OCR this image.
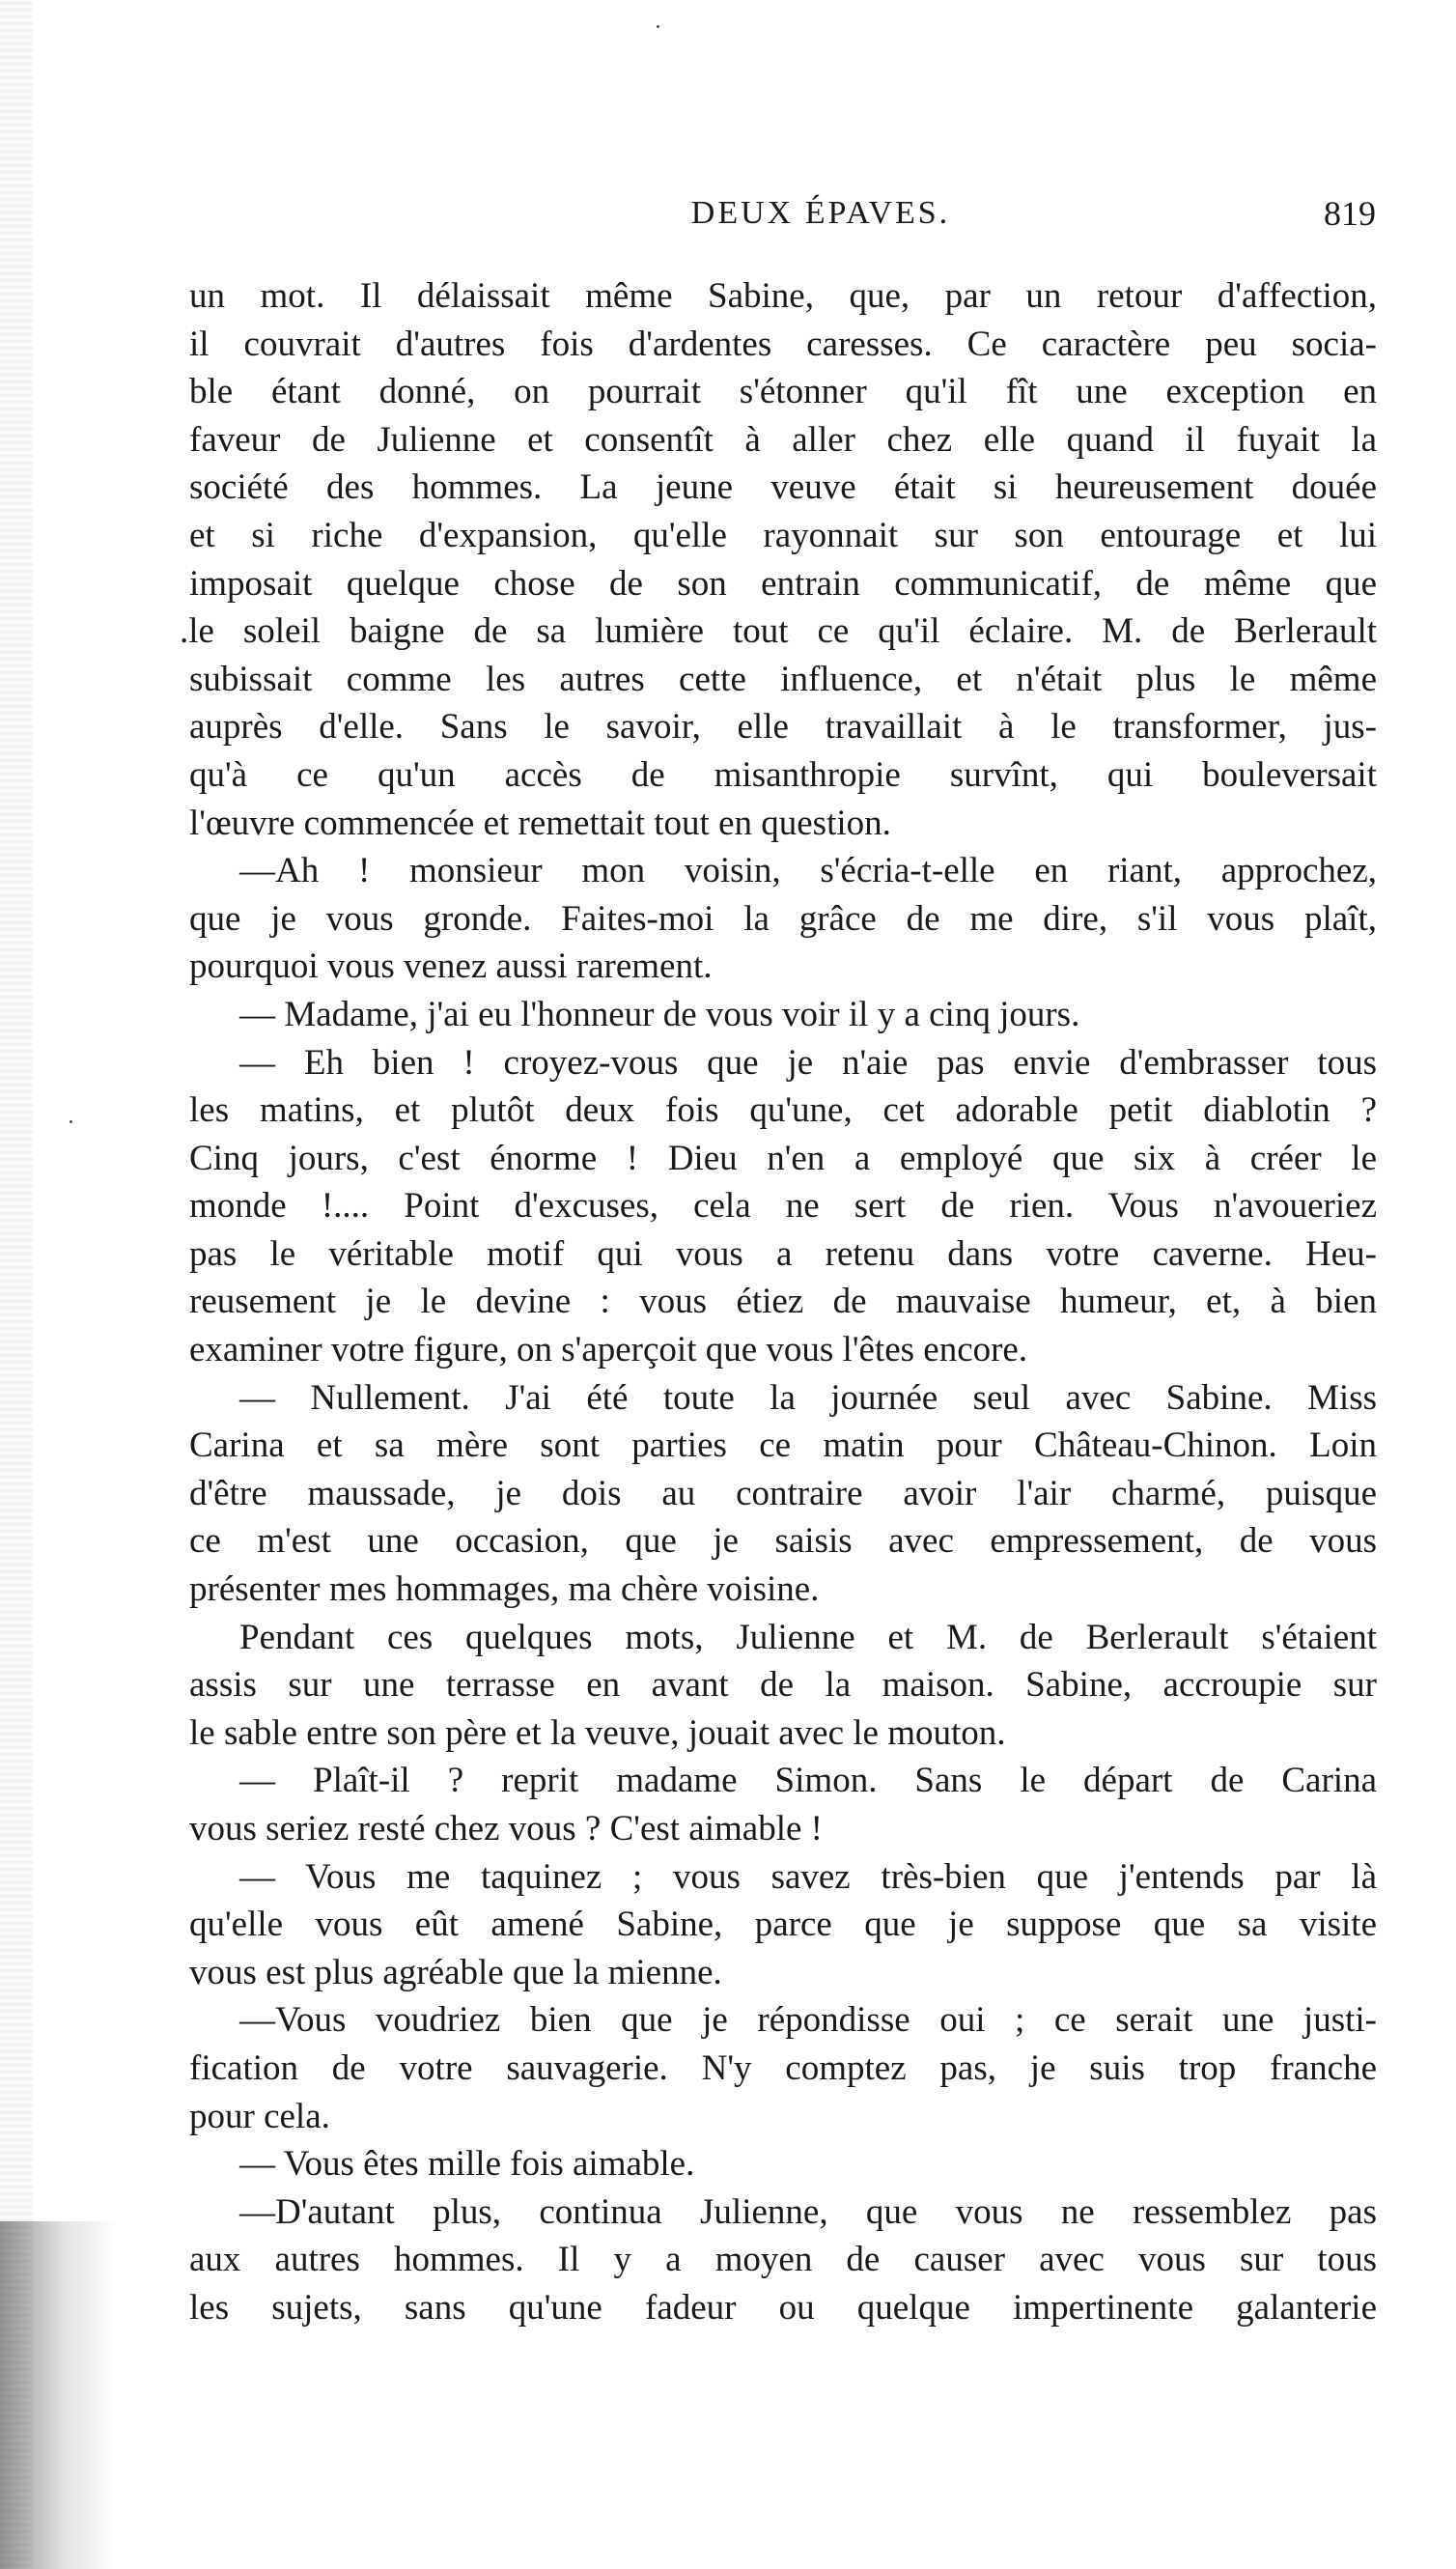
DEUX ÉPAVES.	819
un mot. Il délaissait même Sabine, que, par un retour d'affection,
il couvrait d'autres fois d'ardentes caresses. Ce caractère peu socia-
ble étant donné, on pourrait s'étonner qu'il fît une exception en
faveur de Julienne et consentît à aller chez elle quand il fuyait la
société des hommes. La jeune veuve était si heureusement douée
et si riche d'expansion, qu'elle rayonnait sur son entourage et lui
imposait quelque chose de son entrain communicatif, de même que
.le soleil baigne de sa lumière tout ce qu'il éclaire. M. de Berlerault
subissait comme les autres cette influence, et n'était plus le même
auprès d'elle. Sans le savoir, elle travaillait à le transformer, jus-
qu'à ce qu'un accès de misanthropie survînt, qui bouleversait
l'œuvre commencée et remettait tout en question.
—Ah ! monsieur mon voisin, s'écria-t-elle en riant, approchez,
que je vous gronde. Faites-moi la grâce de me dire, s'il vous plaît,
pourquoi vous venez aussi rarement.
— Madame, j'ai eu l'honneur de vous voir il y a cinq jours.
— Eh bien ! croyez-vous que je n'aie pas envie d'embrasser tous
les matins, et plutôt deux fois qu'une, cet adorable petit diablotin ?
Cinq jours, c'est énorme ! Dieu n'en a employé que six à créer le
monde !.... Point d'excuses, cela ne sert de rien. Vous n'avoueriez
pas le véritable motif qui vous a retenu dans votre caverne. Heu-
reusement je le devine : vous étiez de mauvaise humeur, et, à bien
examiner votre figure, on s'aperçoit que vous l'êtes encore.
— Nullement. J'ai été toute la journée seul avec Sabine. Miss
Carina et sa mère sont parties ce matin pour Château-Chinon. Loin
d'être maussade, je dois au contraire avoir l'air charmé, puisque
ce m'est une occasion, que je saisis avec empressement, de vous
présenter mes hommages, ma chère voisine.
Pendant ces quelques mots, Julienne et M. de Berlerault s'étaient
assis sur une terrasse en avant de la maison. Sabine, accroupie sur
le sable entre son père et la veuve, jouait avec le mouton.
— Plaît-il ? reprit madame Simon. Sans le départ de Carina
vous seriez resté chez vous ? C'est aimable !
— Vous me taquinez ; vous savez très-bien que j'entends par là
qu'elle vous eût amené Sabine, parce que je suppose que sa visite
vous est plus agréable que la mienne.
—Vous voudriez bien que je répondisse oui ; ce serait une justi-
fication de votre sauvagerie. N'y comptez pas, je suis trop franche
pour cela.
— Vous êtes mille fois aimable.
—D'autant plus, continua Julienne, que vous ne ressemblez pas
aux autres hommes. Il y a moyen de causer avec vous sur tous
les sujets, sans qu'une fadeur ou quelque impertinente galanterie
